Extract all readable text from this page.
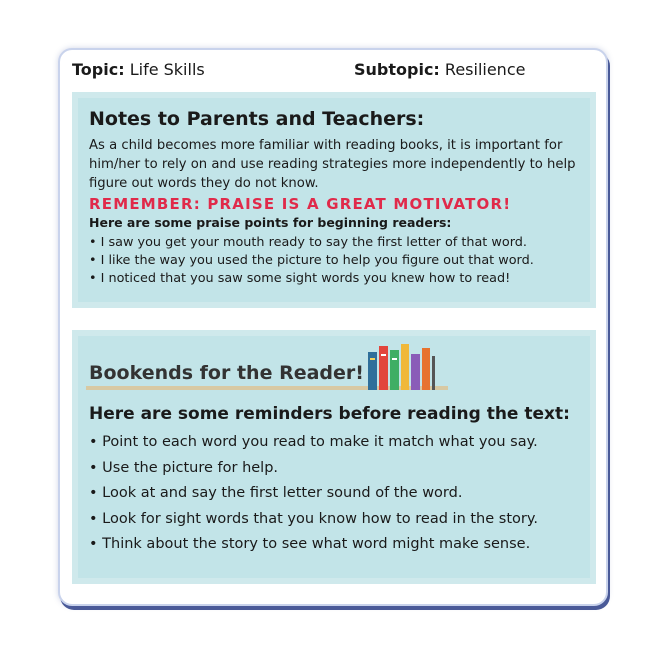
Topic: Life Skills	Subtopic: Resilience
Notes to Parents and Teachers:
As a child becomes more familiar with reading books, it is important for him/her to rely on and use reading strategies more independently to help figure out words they do not know.
REMEMBER: PRAISE IS A GREAT MOTIVATOR!
Here are some praise points for beginning readers:
• I saw you get your mouth ready to say the first letter of that word.
• I like the way you used the picture to help you figure out that word.
• I noticed that you saw some sight words you knew how to read!
Bookends for the Reader!
Here are some reminders before reading the text:
• Point to each word you read to make it match what you say.
• Use the picture for help.
• Look at and say the first letter sound of the word.
• Look for sight words that you know how to read in the story.
• Think about the story to see what word might make sense.
